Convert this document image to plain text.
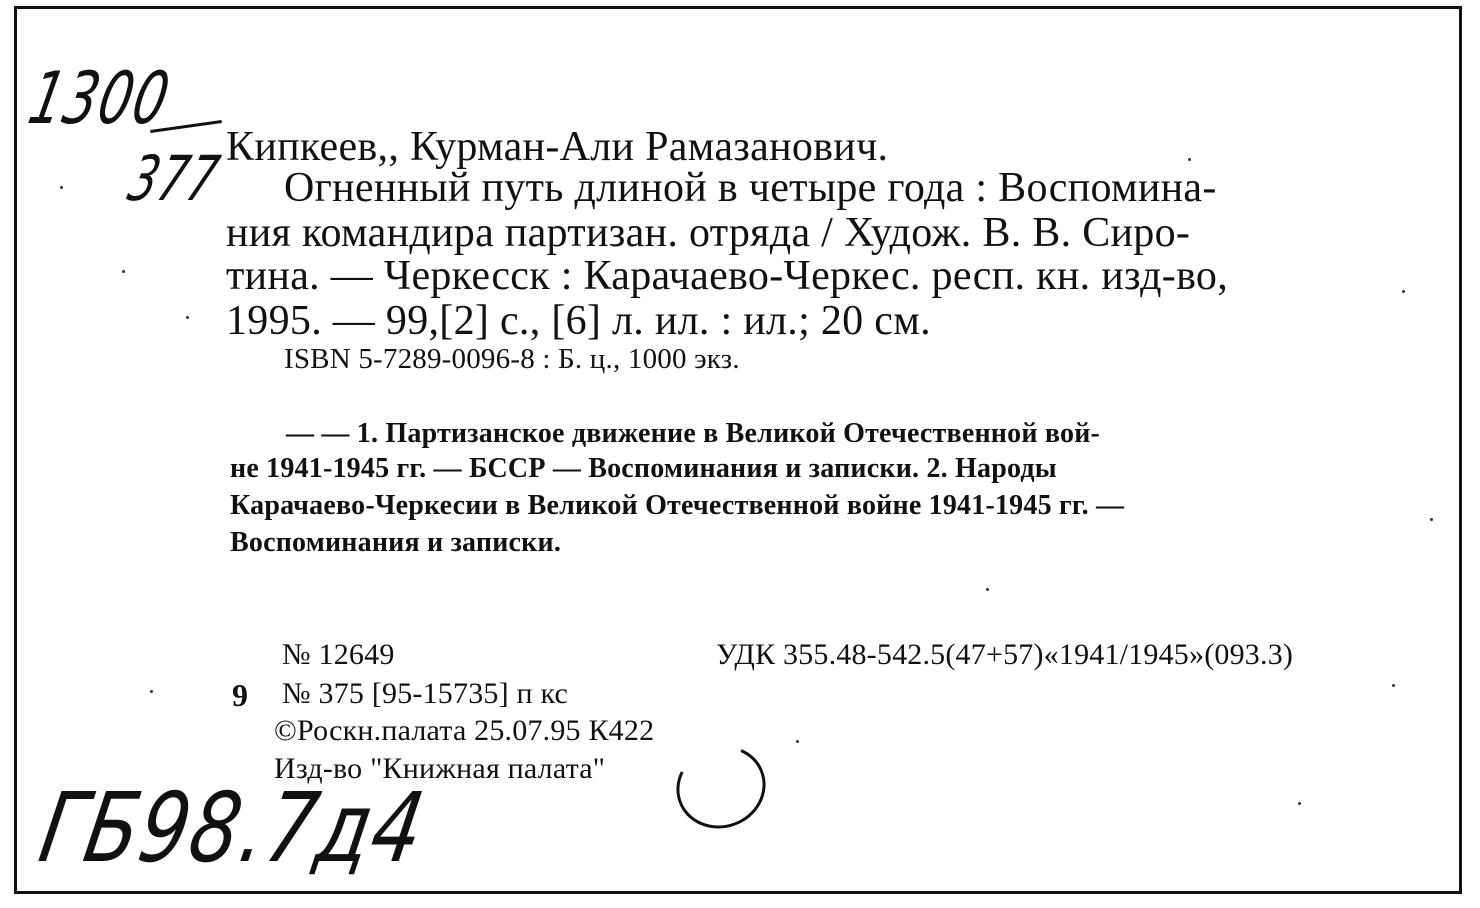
1300
377
Кипкеев,, Курман-Али Рамазанович.
Огненный путь длиной в четыре года : Воспомина-
ния командира партизан. отряда / Худож. В. В. Сиро-
тина. — Черкесск : Карачаево-Черкес. респ. кн. изд-во,
1995. — 99,[2] с., [6] л. ил. : ил.; 20 см.
ISBN 5-7289-0096-8 : Б. ц., 1000 экз.
— — 1. Партизанское движение в Великой Отечественной вой-
не 1941-1945 гг. — БССР — Воспоминания и записки. 2. Народы
Карачаево-Черкесии в Великой Отечественной войне 1941-1945 гг. —
Воспоминания и записки.
№ 12649	УДК 355.48-542.5(47+57)«1941/1945»(093.3)
9 № 375 [95-15735] п кс
©Роскн.палата 25.07.95 К422
Изд-во "Книжная палата"
ГБ98.7д4
